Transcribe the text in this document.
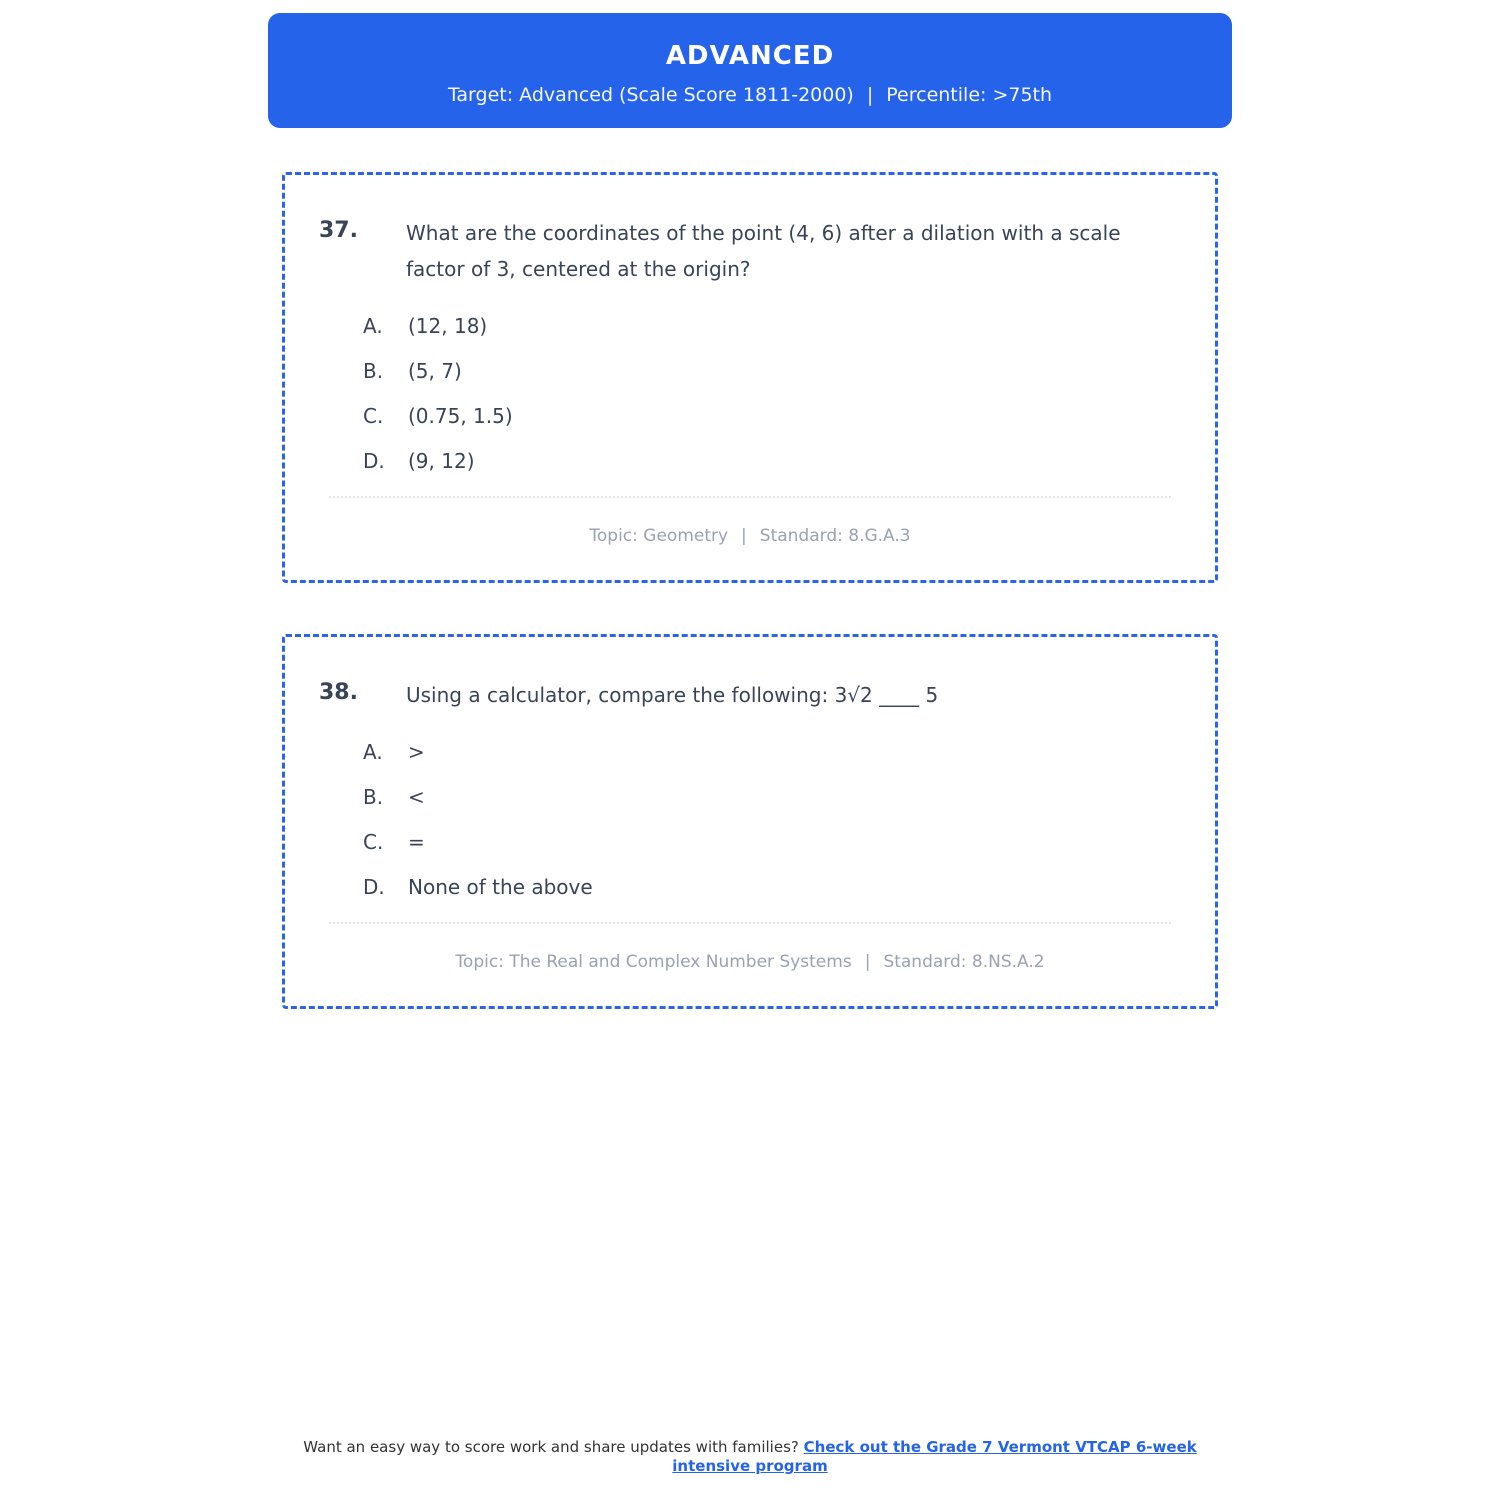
ADVANCED
Target: Advanced (Scale Score 1811-2000) | Percentile: >75th
37.	What are the coordinates of the point (4, 6) after a dilation with a scale factor of 3, centered at the origin?
A.	(12, 18)
B.	(5, 7)
C.	(0.75, 1.5)
D.	(9, 12)
Topic: Geometry | Standard: 8.G.A.3
38.	Using a calculator, compare the following: 3√2 ____ 5
A.	>
B.	<
C.	=
D.	None of the above
Topic: The Real and Complex Number Systems | Standard: 8.NS.A.2
Want an easy way to score work and share updates with families? Check out the Grade 7 Vermont VTCAP 6-week intensive program
